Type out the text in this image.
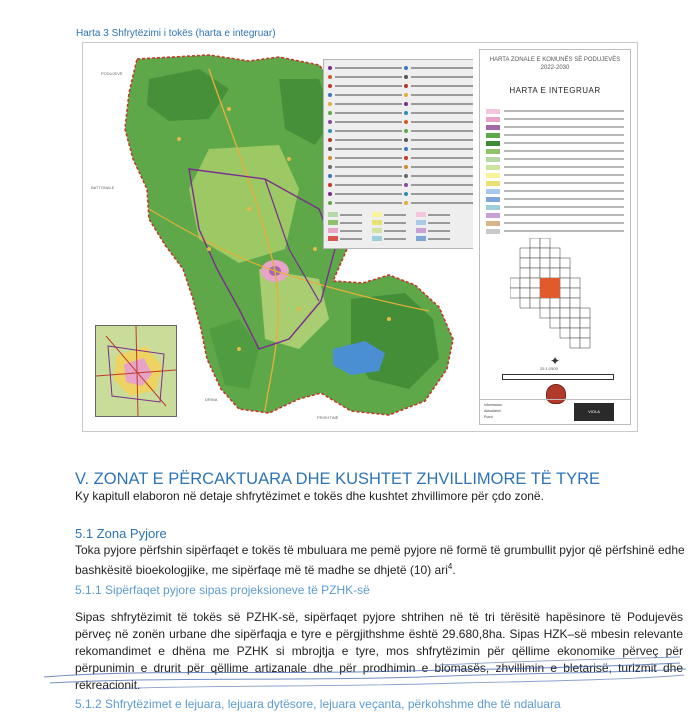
Harta 3 Shfrytëzimi i tokës (harta e integruar)
PODUJEVË
BATTONALE
DRINA
PRISHTINË
HARTA ZONALE E KOMUNËS SË PODUJEVËS
2022-2030
HARTA E INTEGRUAR
✦
25 1:2500
Informacion
Aktualizimi
Punoi
VIOLA
V. ZONAT E PËRCAKTUARA DHE KUSHTET ZHVILLIMORE TË TYRE
Ky kapitull elaboron në detaje shfrytëzimet e tokës dhe kushtet zhvillimore për çdo zonë.
5.1 Zona Pyjore
Toka pyjore përfshin sipërfaqet e tokës të mbuluara me pemë pyjore në formë të grumbullit pyjor që përfshinë edhe bashkësitë bioekologjike, me sipërfaqe më të madhe se dhjetë (10) ari$^4$.
5.1.1 Sipërfaqet pyjore sipas projeksioneve të PZHK-së
Sipas shfrytëzimit të tokës së PZHK-së, sipërfaqet pyjore shtrihen në të tri tërësitë hapësinore të Podujevës përveç në zonën urbane dhe sipërfaqja e tyre e përgjithshme është 29.680,8ha. Sipas HZK–së mbesin relevante rekomandimet e dhëna me PZHK si mbrojtja e tyre, mos shfrytëzimin për qëllime ekonomike përveç për përpunimin e drurit për qëllime artizanale dhe për prodhimin e biomasës, zhvillimin e bletarisë, turizmit dhe rekreacionit.
5.1.2 Shfrytëzimet e lejuara, lejuara dytësore, lejuara veçanta, përkohshme dhe të ndaluara
